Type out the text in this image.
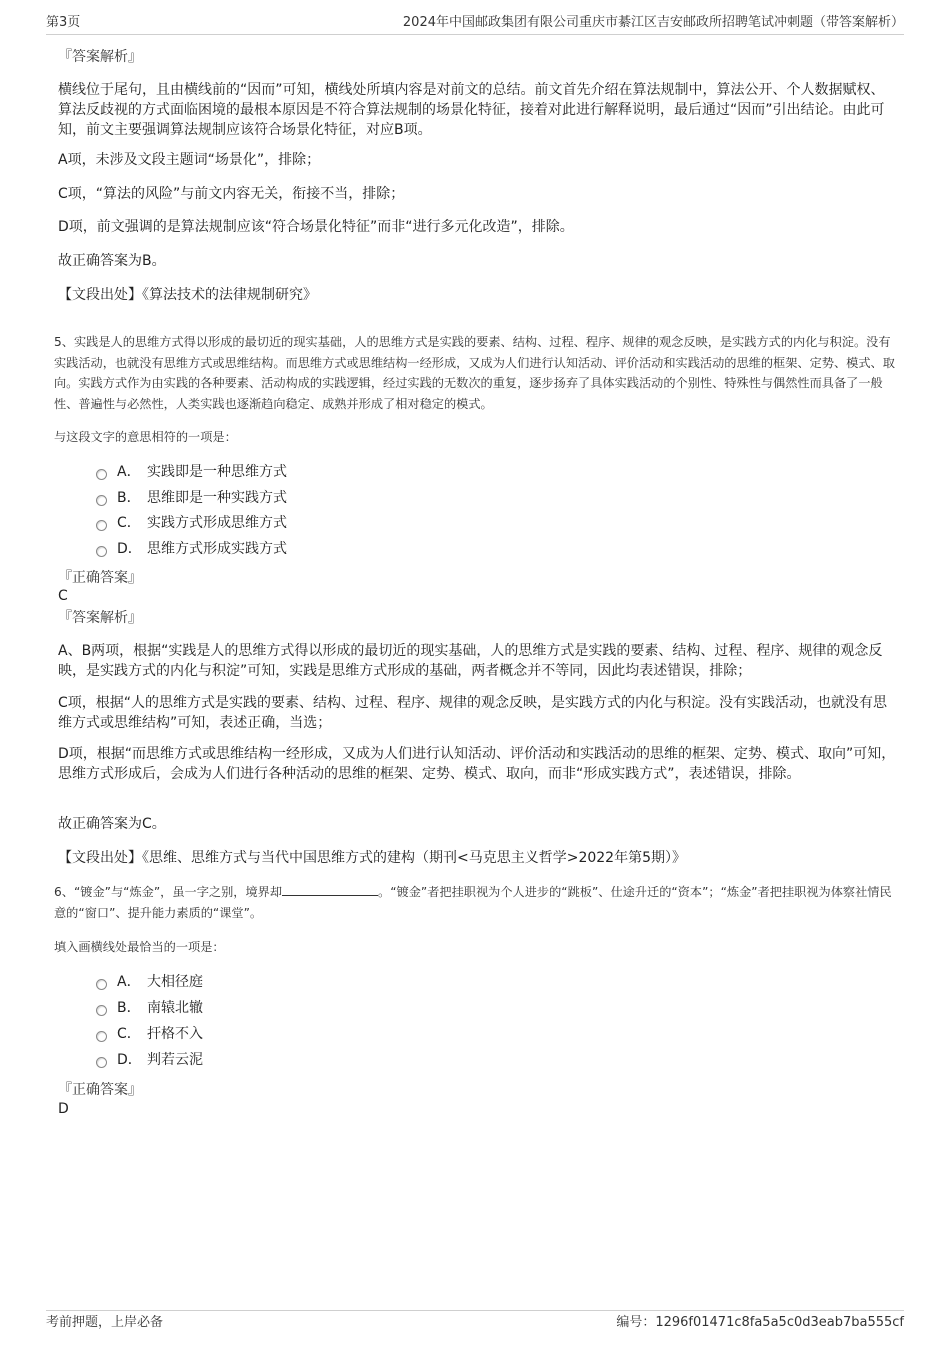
第3页	2024年中国邮政集团有限公司重庆市綦江区吉安邮政所招聘笔试冲刺题（带答案解析）
『答案解析』
横线位于尾句，且由横线前的“因而”可知，横线处所填内容是对前文的总结。前文首先介绍在算法规制中，算法公开、个人数据赋权、算法反歧视的方式面临困境的最根本原因是不符合算法规制的场景化特征，接着对此进行解释说明，最后通过“因而”引出结论。由此可知，前文主要强调算法规制应该符合场景化特征，对应B项。
A项，未涉及文段主题词“场景化”，排除；
C项，“算法的风险”与前文内容无关，衔接不当，排除；
D项，前文强调的是算法规制应该“符合场景化特征”而非“进行多元化改造”，排除。
故正确答案为B。
【文段出处】《算法技术的法律规制研究》
5、实践是人的思维方式得以形成的最切近的现实基础，人的思维方式是实践的要素、结构、过程、程序、规律的观念反映，是实践方式的内化与积淀。没有实践活动，也就没有思维方式或思维结构。而思维方式或思维结构一经形成，又成为人们进行认知活动、评价活动和实践活动的思维的框架、定势、模式、取向。实践方式作为由实践的各种要素、活动构成的实践逻辑，经过实践的无数次的重复，逐步扬弃了具体实践活动的个别性、特殊性与偶然性而具备了一般性、普遍性与必然性，人类实践也逐渐趋向稳定、成熟并形成了相对稳定的模式。
与这段文字的意思相符的一项是：
A． 实践即是一种思维方式
B． 思维即是一种实践方式
C． 实践方式形成思维方式
D． 思维方式形成实践方式
『正确答案』
C
『答案解析』
A、B两项，根据“实践是人的思维方式得以形成的最切近的现实基础，人的思维方式是实践的要素、结构、过程、程序、规律的观念反映，是实践方式的内化与积淀”可知，实践是思维方式形成的基础，两者概念并不等同，因此均表述错误，排除；
C项，根据“人的思维方式是实践的要素、结构、过程、程序、规律的观念反映，是实践方式的内化与积淀。没有实践活动，也就没有思维方式或思维结构”可知，表述正确，当选；
D项，根据“而思维方式或思维结构一经形成，又成为人们进行认知活动、评价活动和实践活动的思维的框架、定势、模式、取向”可知，思维方式形成后，会成为人们进行各种活动的思维的框架、定势、模式、取向，而非“形成实践方式”，表述错误，排除。
故正确答案为C。
【文段出处】《思维、思维方式与当代中国思维方式的建构（期刊<马克思主义哲学>2022年第5期）》
6、“镀金”与“炼金”，虽一字之别，境界却	。“镀金”者把挂职视为个人进步的“跳板”、仕途升迁的“资本”；“炼金”者把挂职视为体察社情民意的“窗口”、提升能力素质的“课堂”。
填入画横线处最恰当的一项是：
A． 大相径庭
B． 南辕北辙
C． 扞格不入
D． 判若云泥
『正确答案』
D
考前押题，上岸必备	编号：1296f01471c8fa5a5c0d3eab7ba555cf
